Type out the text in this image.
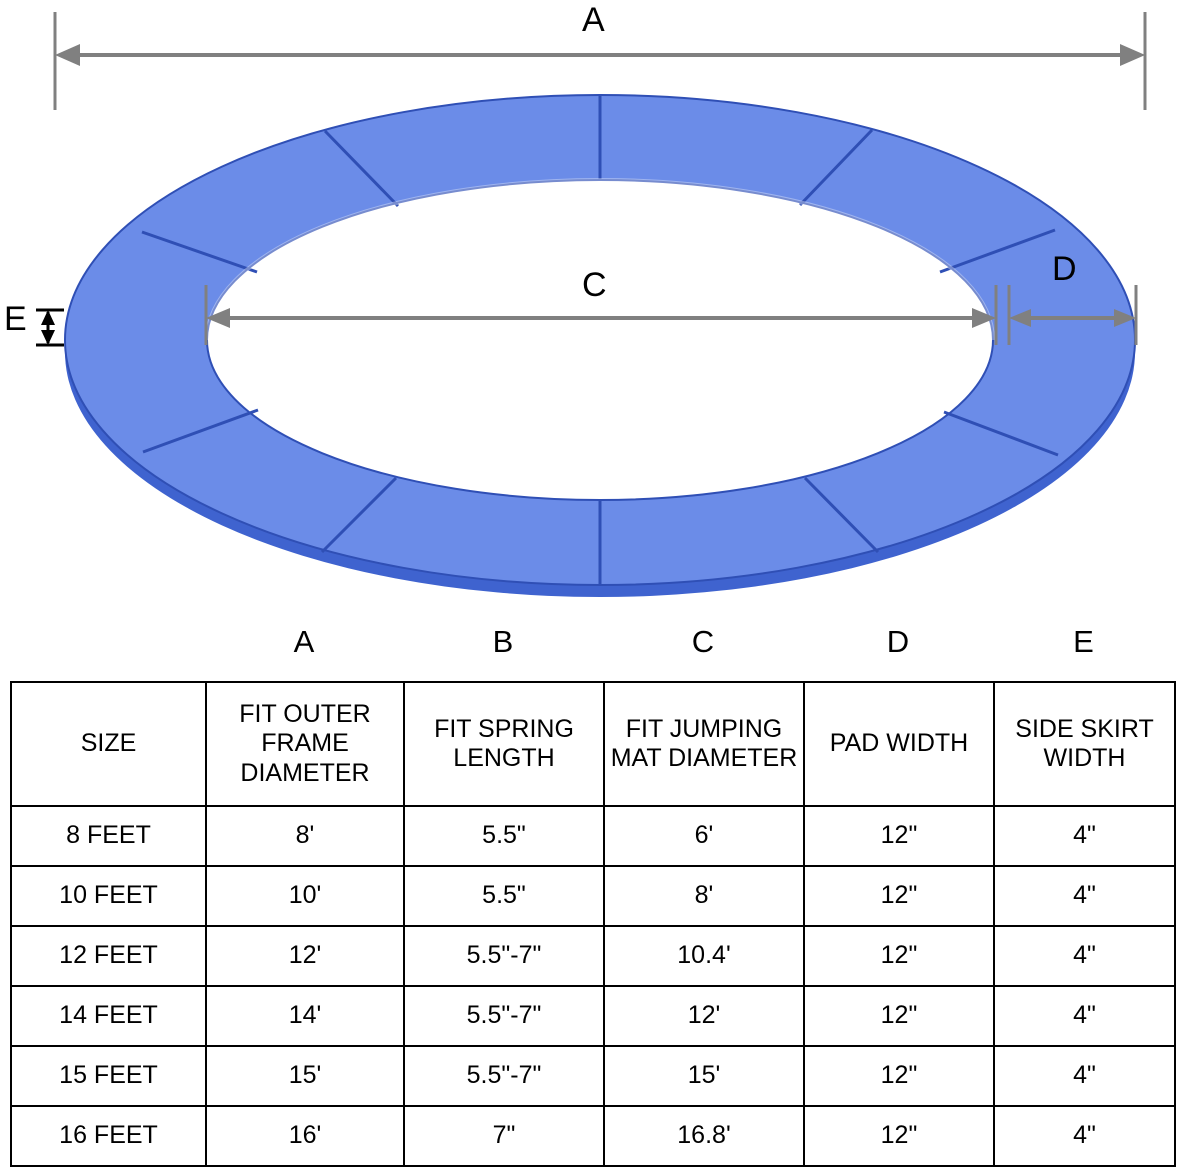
A
C	D
E
A	B	C	D	E
SIZE	FIT OUTER FRAME DIAMETER	FIT SPRING LENGTH	FIT JUMPING MAT DIAMETER	PAD WIDTH	SIDE SKIRT WIDTH
8 FEET	8'	5.5"	6'	12"	4"
10 FEET	10'	5.5"	8'	12"	4"
12 FEET	12'	5.5"-7"	10.4'	12"	4"
14 FEET	14'	5.5"-7"	12'	12"	4"
15 FEET	15'	5.5"-7"	15'	12"	4"
16 FEET	16'	7"	16.8'	12"	4"
